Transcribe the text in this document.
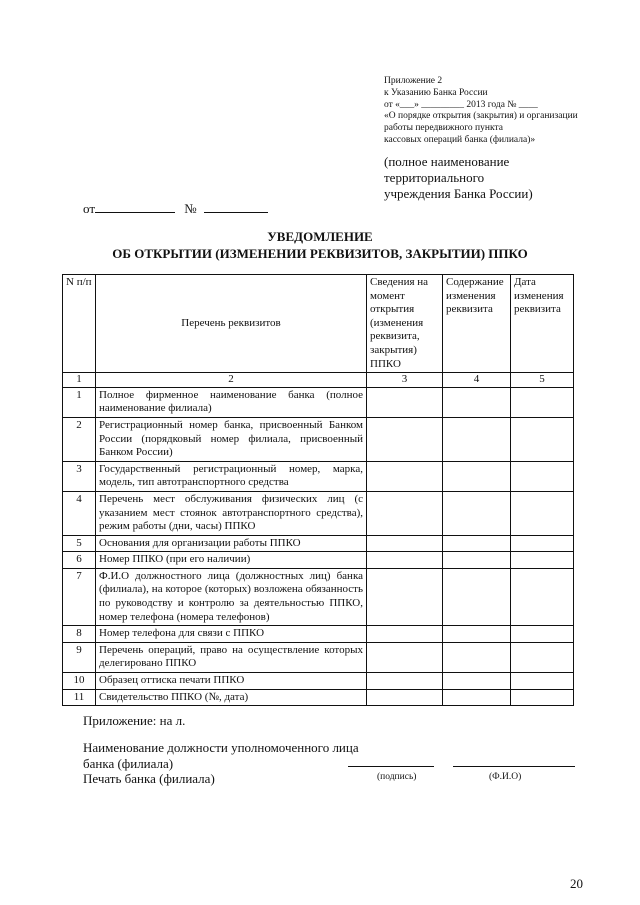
Приложение 2
к Указанию Банка России
от «___» _________ 2013 года № ____
«О порядке открытия (закрытия) и организации
работы передвижного пункта
кассовых операций банка (филиала)»
(полное наименование
территориального
учреждения Банка России)
от	№
УВЕДОМЛЕНИЕ
ОБ ОТКРЫТИИ (ИЗМЕНЕНИИ РЕКВИЗИТОВ, ЗАКРЫТИИ) ППКО
N п/п	Перечень реквизитов	Сведения на момент открытия (изменения реквизита, закрытия) ППКО	Содержание изменения реквизита	Дата изменения реквизита
1	2	3	4	5
1	Полное фирменное наименование банка (полное наименование филиала)			
2	Регистрационный номер банка, присвоенный Банком России (порядковый номер филиала, присвоенный Банком России)			
3	Государственный регистрационный номер, марка, модель, тип автотранспортного средства			
4	Перечень мест обслуживания физических лиц (с указанием мест стоянок автотранспортного средства), режим работы (дни, часы) ППКО			
5	Основания для организации работы ППКО			
6	Номер ППКО (при его наличии)			
7	Ф.И.О должностного лица (должностных лиц) банка (филиала), на которое (которых) возложена обязанность по руководству и контролю за деятельностью ППКО, номер телефона (номера телефонов)			
8	Номер телефона для связи с ППКО			
9	Перечень операций, право на осуществление которых делегировано ППКО			
10	Образец оттиска печати ППКО			
11	Свидетельство ППКО (№, дата)			
Приложение: на л.
Наименование должности уполномоченного лица
банка (филиала)
Печать банка (филиала)	(подпись)	(Ф.И.О)
20
